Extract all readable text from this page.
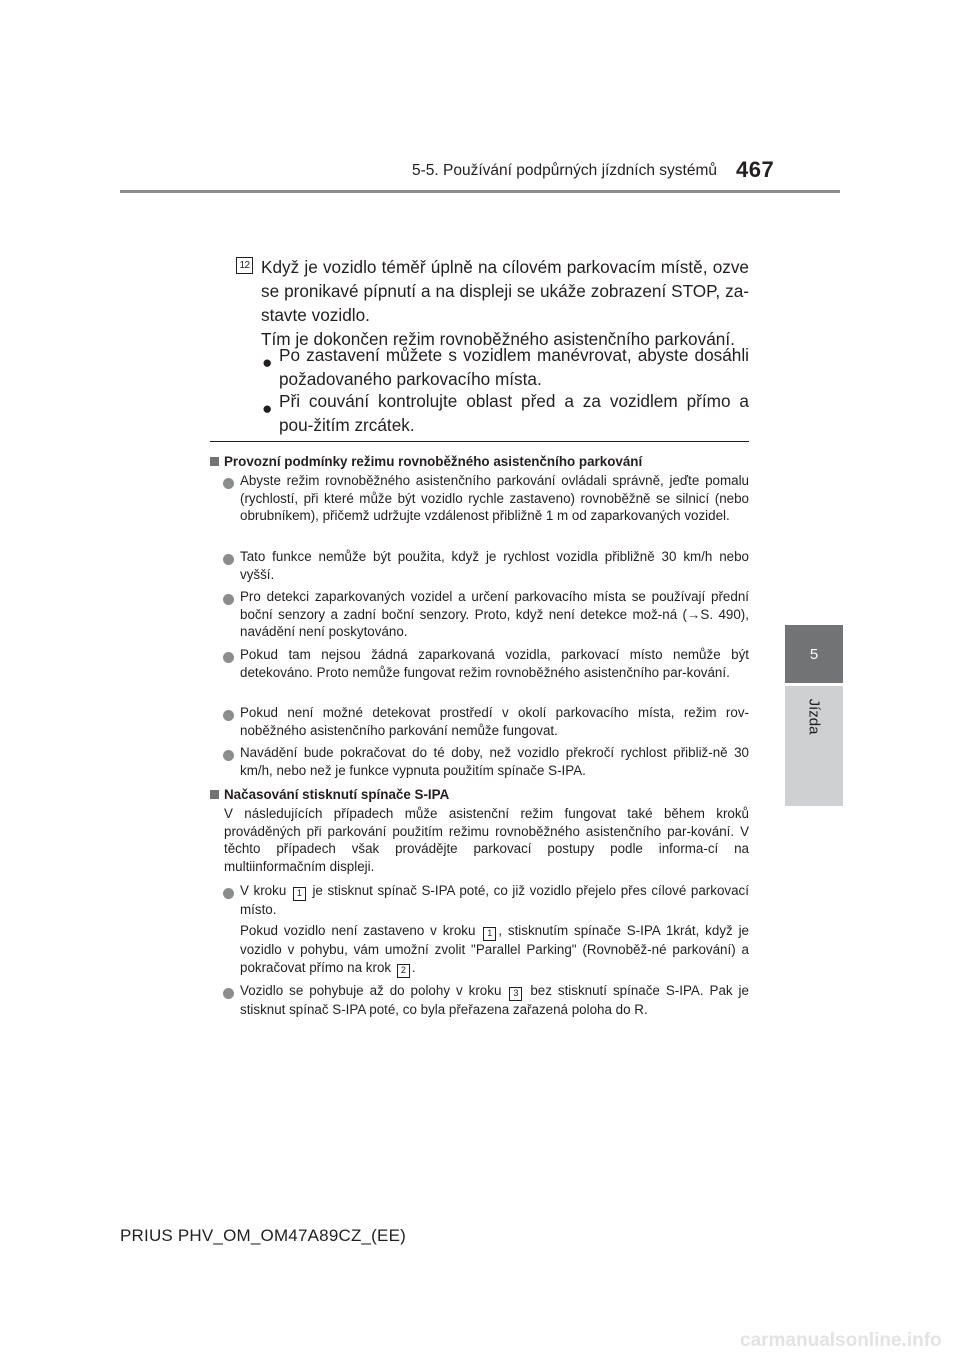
5-5. Používání podpůrných jízdních systémů 467
5
Jízda
12 Když je vozidlo téměř úplně na cílovém parkovacím místě, ozve se pronikavé pípnutí a na displeji se ukáže zobrazení STOP, za-stavte vozidlo.

Tím je dokončen režim rovnoběžného asistenčního parkování.

● Po zastavení můžete s vozidlem manévrovat, abyste dosáhli požadovaného parkovacího místa.
● Při couvání kontrolujte oblast před a za vozidlem přímo a pou-žitím zrcátek.
Provozní podmínky režimu rovnoběžného asistenčního parkování
Abyste režim rovnoběžného asistenčního parkování ovládali správně, jeďte pomalu (rychlostí, při které může být vozidlo rychle zastaveno) rovnoběžně se silnicí (nebo obrubníkem), přičemž udržujte vzdálenost přibližně 1 m od zaparkovaných vozidel.
Tato funkce nemůže být použita, když je rychlost vozidla přibližně 30 km/h nebo vyšší.
Pro detekci zaparkovaných vozidel a určení parkovacího místa se používají přední boční senzory a zadní boční senzory. Proto, když není detekce mož-ná (→S. 490), navádění není poskytováno.
Pokud tam nejsou žádná zaparkovaná vozidla, parkovací místo nemůže být detekováno. Proto nemůže fungovat režim rovnoběžného asistenčního par-kování.
Pokud není možné detekovat prostředí v okolí parkovacího místa, režim rov-noběžného asistenčního parkování nemůže fungovat.
Navádění bude pokračovat do té doby, než vozidlo překročí rychlost přibliž-ně 30 km/h, nebo než je funkce vypnuta použitím spínače S-IPA.
Načasování stisknutí spínače S-IPA
V následujících případech může asistenční režim fungovat také během kroků prováděných při parkování použitím režimu rovnoběžného asistenčního par-kování. V těchto případech však provádějte parkovací postupy podle informa-cí na multiinformačním displeji.
V kroku 1 je stisknut spínač S-IPA poté, co již vozidlo přejelo přes cílové parkovací místo.
Pokud vozidlo není zastaveno v kroku 1 , stisknutím spínače S-IPA 1krát, když je vozidlo v pohybu, vám umožní zvolit "Parallel Parking" (Rovnoběž-né parkování) a pokračovat přímo na krok 2 .
Vozidlo se pohybuje až do polohy v kroku 3 bez stisknutí spínače S-IPA. Pak je stisknut spínač S-IPA poté, co byla přeřazena zařazená poloha do R.
PRIUS PHV_OM_OM47A89CZ_(EE)
carmanualsonline.info
